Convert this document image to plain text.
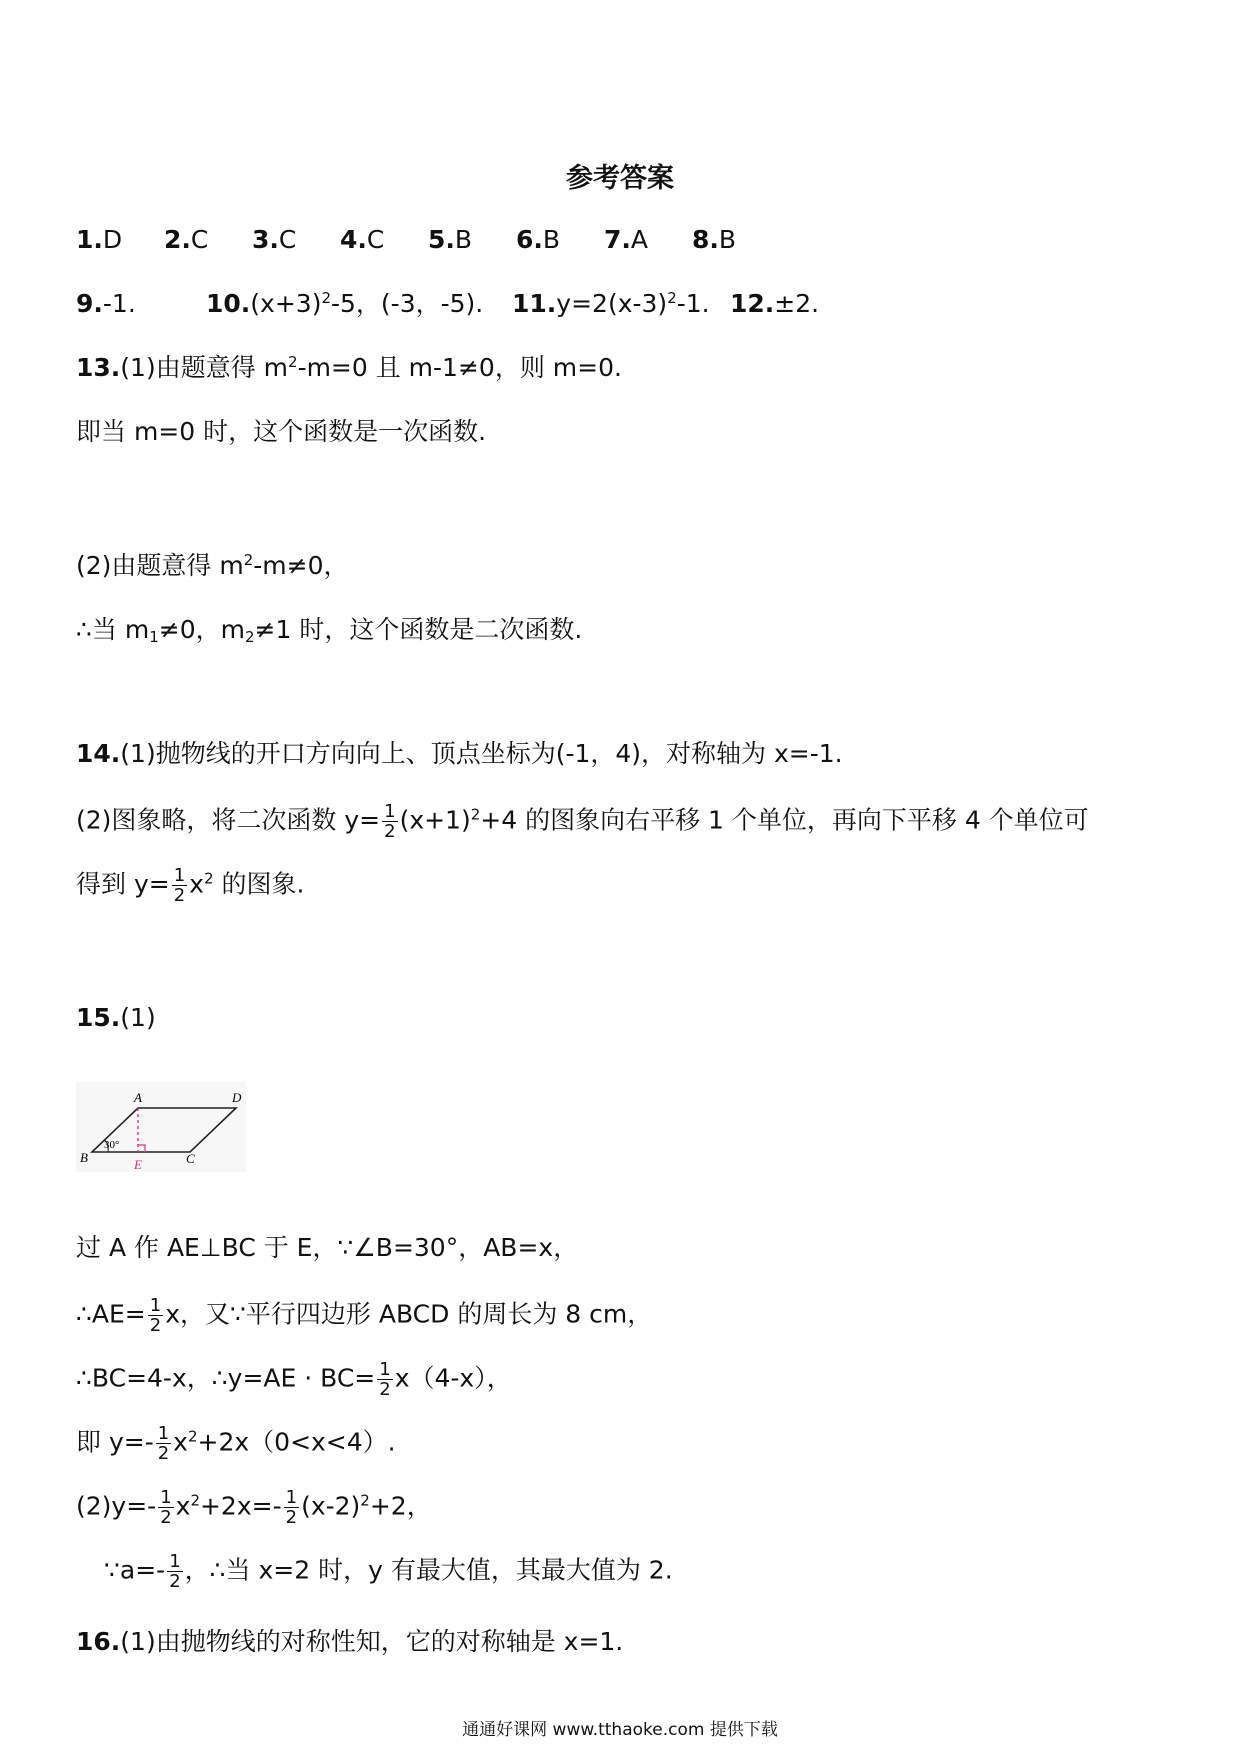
参考答案
1.D 2.C 3.C 4.C 5.B 6.B 7.A 8.B
9.-1.	$10.(x+3)^2-5$，(-3，-5). $11.y=2(x-3)^2-1$. 12.±2.
13.(1)由题意得 $m^2-m=0$ 且 m-1≠0，则 m=0.
即当 m=0 时，这个函数是一次函数.
(2)由题意得 $m^2-m\ne 0$，
∴当 $m_1\ne 0$，$m_2\ne 1$ 时，这个函数是二次函数.
14.(1)抛物线的开口方向向上、顶点坐标为(-1，4)，对称轴为 x=-1.
(2)图象略，将二次函数 $y= \frac{1}{2} (x+1)^2+4$ 的图象向右平移 1 个单位，再向下平移 4 个单位可
得到 $y= \frac{1}{2} x^2$ 的图象.
15.(1)
A	D
B	C
E
30°
过 A 作 AE⊥BC 于 E，∵∠B=30°，AB=x，
∴AE= $\frac{1}{2}$ x，又∵平行四边形 ABCD 的周长为 8 cm，
∴BC=4-x，∴y=AE · $BC= \frac{1}{2} x(4-x)$，
即 $y=- \frac{1}{2} x^2+2x(0<x<4)$.
$(2)y=- \frac{1}{2} x^2+2x=- \frac{1}{2} (x-2)^2+2$，
∵a=- $\frac{1}{2}$ ，∴当 x=2 时，y 有最大值，其最大值为 2.
16.(1)由抛物线的对称性知，它的对称轴是 x=1.
通通好课网 www.tthaoke.com 提供下载
